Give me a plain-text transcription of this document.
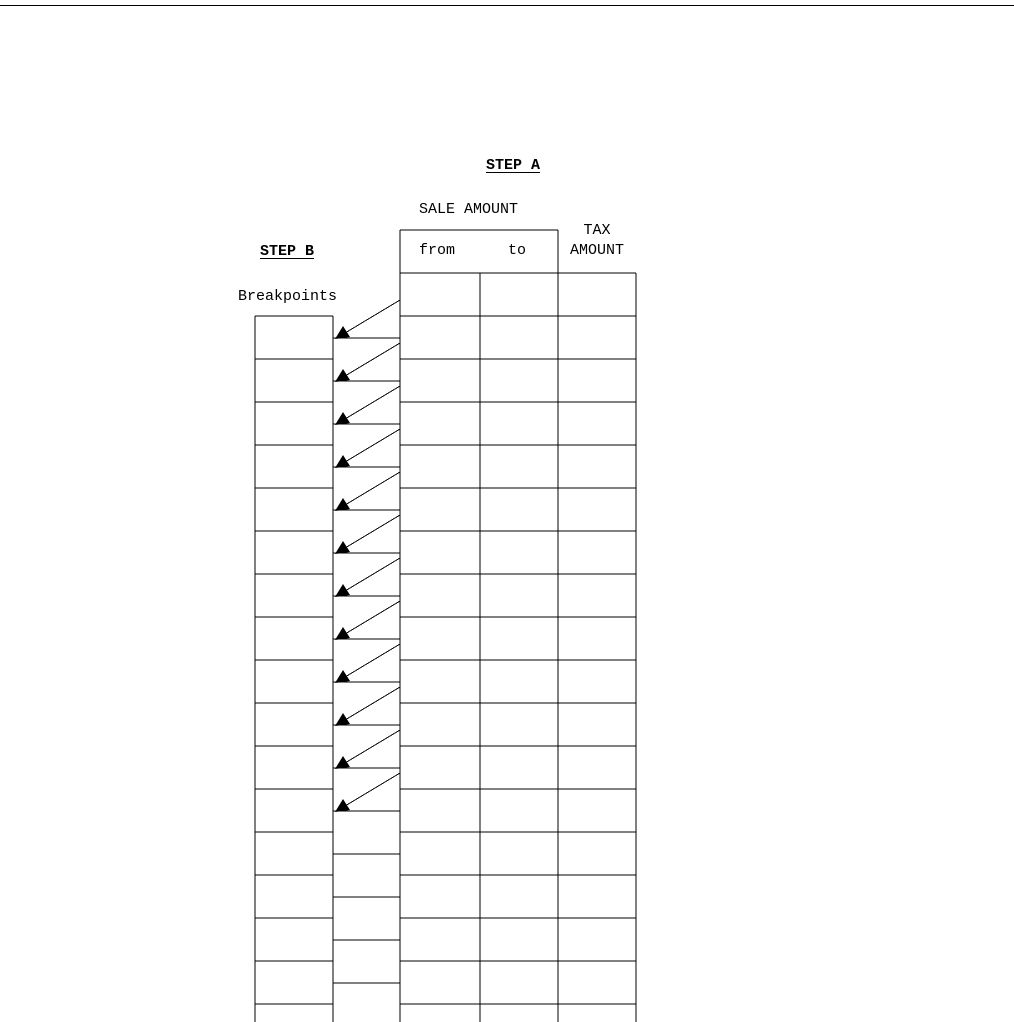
STEP A
SALE AMOUNT
from	to
TAX
AMOUNT
STEP B
Breakpoints
